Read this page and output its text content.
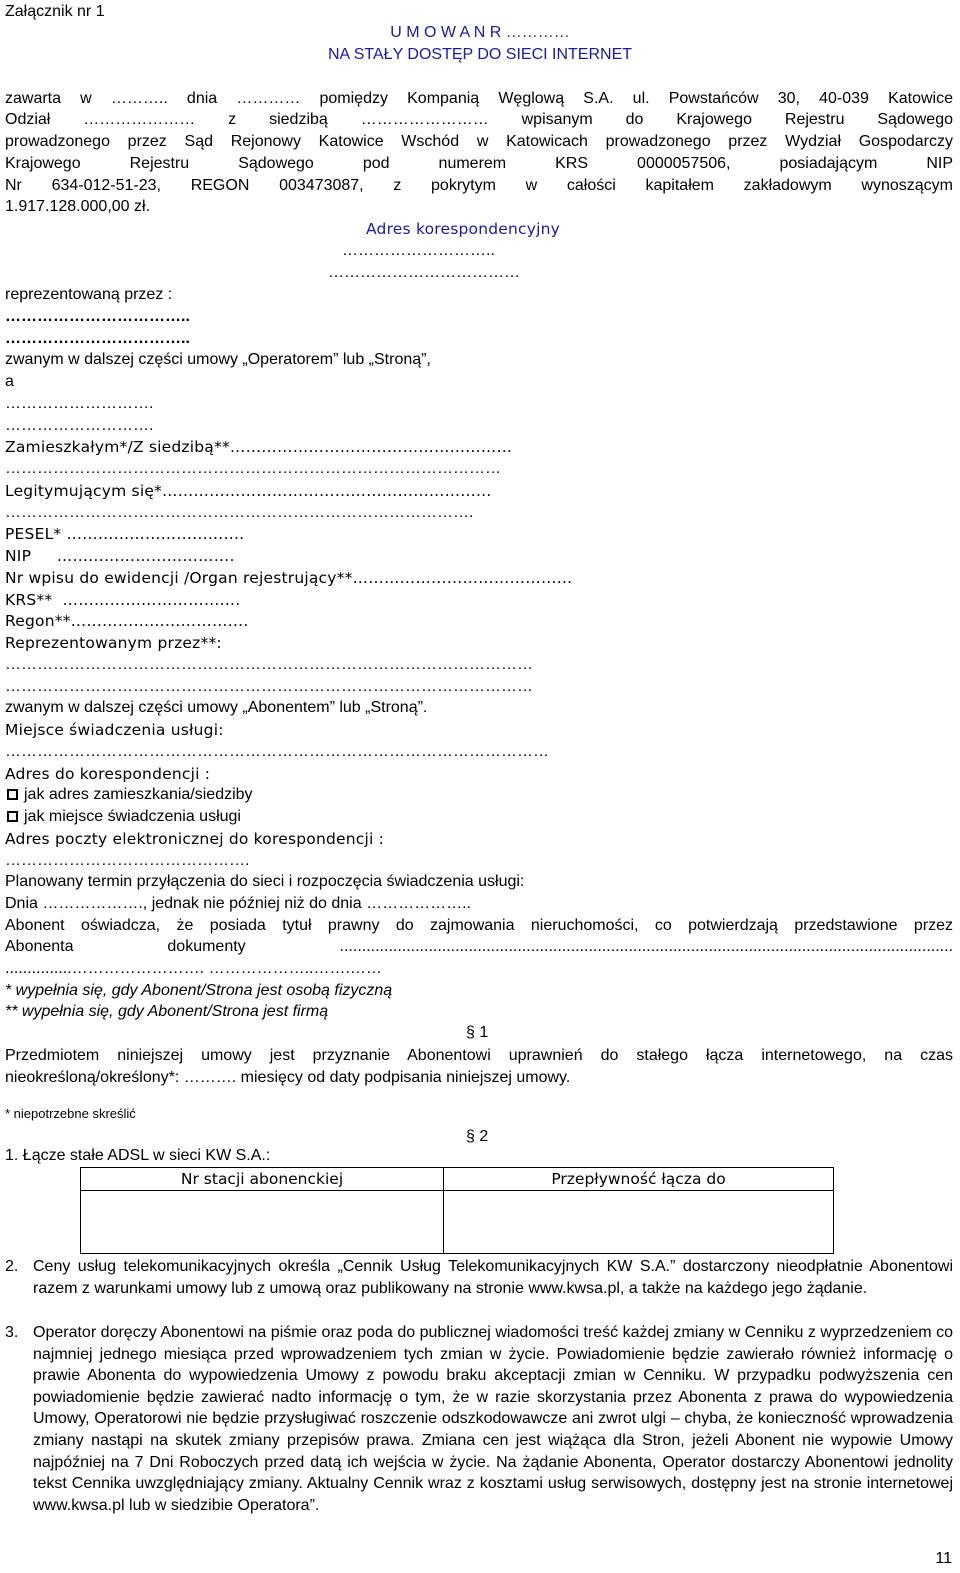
Załącznik nr 1
U M O W A N R …………
NA STAŁY DOSTĘP DO SIECI INTERNET
zawarta w ……….. dnia ………… pomiędzy Kompanią Węglową S.A. ul. Powstańców 30, 40-039 Katowice
Odział ………………… z siedzibą …………………… wpisanym do Krajowego Rejestru Sądowego
prowadzonego przez Sąd Rejonowy Katowice Wschód w Katowicach prowadzonego przez Wydział Gospodarczy
Krajowego Rejestru Sądowego pod numerem KRS 0000057506, posiadającym NIP
Nr 634-012-51-23, REGON 003473087, z pokrytym w całości kapitałem zakładowym wynoszącym
1.917.128.000,00 zł.
Adres korespondencyjny
………………………..
………………………………
reprezentowaną przez :
……………………………..
……………………………..
zwanym w dalszej części umowy „Operatorem” lub „Stroną”,
a
……………………….
……………………….
Zamieszkałym*/Z siedzibą**……………………………………...………
…………………………………………………………………………………
Legitymującym się*……………………………………………………...
…………………………………………………………………………….
PESEL* …………………………….
NIP     …………………………….
Nr wpisu do ewidencji /Organ rejestrujący**……………………………………
KRS**  …………………………….
Regon**…………………………….
Reprezentowanym przez**:
………………………………………………………………………………………
………………………………………………………………………………………
zwanym w dalszej części umowy „Abonentem” lub „Stroną”.
Miejsce świadczenia usługi:
…………………………………………………………………………………………
Adres do korespondencji :
jak adres zamieszkania/siedziby
jak miejsce świadczenia usługi
Adres poczty elektronicznej do korespondencji :
……………………………………….
Planowany termin przyłączenia do sieci i rozpoczęcia świadczenia usługi:
Dnia ………………., jednak nie później niż do dnia ………………..
Abonent oświadcza, że posiada tytuł prawny do zajmowania nieruchomości, co potwierdzają przedstawione przez
Abonenta dokumenty ..........................................................................................................................................
...............……………………. ………………..…….……
* wypełnia się, gdy Abonent/Strona jest osobą fizyczną
** wypełnia się, gdy Abonent/Strona jest firmą
§ 1
Przedmiotem niniejszej umowy jest przyznanie Abonentowi uprawnień do stałego łącza internetowego, na czas
nieokreśloną/określony*: ………. miesięcy od daty podpisania niniejszej umowy.
* niepotrzebne skreślić
§ 2
1. Łącze stałe ADSL w sieci KW S.A.:
Nr stacji abonenckiej	Przepływność łącza do

2. Ceny usług telekomunikacyjnych określa „Cennik Usług Telekomunikacyjnych KW S.A.” dostarczony nieodpłatnie Abonentowi razem z warunkami umowy lub z umową oraz publikowany na stronie www.kwsa.pl, a także na każdego jego żądanie.
3. Operator doręczy Abonentowi na piśmie oraz poda do publicznej wiadomości treść każdej zmiany w Cenniku z wyprzedzeniem co najmniej jednego miesiąca przed wprowadzeniem tych zmian w życie. Powiadomienie będzie zawierało również informację o prawie Abonenta do wypowiedzenia Umowy z powodu braku akceptacji zmian w Cenniku. W przypadku podwyższenia cen powiadomienie będzie zawierać nadto informację o tym, że w razie skorzystania przez Abonenta z prawa do wypowiedzenia Umowy, Operatorowi nie będzie przysługiwać roszczenie odszkodowawcze ani zwrot ulgi – chyba, że konieczność wprowadzenia zmiany nastąpi na skutek zmiany przepisów prawa. Zmiana cen jest wiążąca dla Stron, jeżeli Abonent nie wypowie Umowy najpóźniej na 7 Dni Roboczych przed datą ich wejścia w życie. Na żądanie Abonenta, Operator dostarczy Abonentowi jednolity tekst Cennika uwzględniający zmiany. Aktualny Cennik wraz z kosztami usług serwisowych, dostępny jest na stronie internetowej www.kwsa.pl lub w siedzibie Operatora”.
11
